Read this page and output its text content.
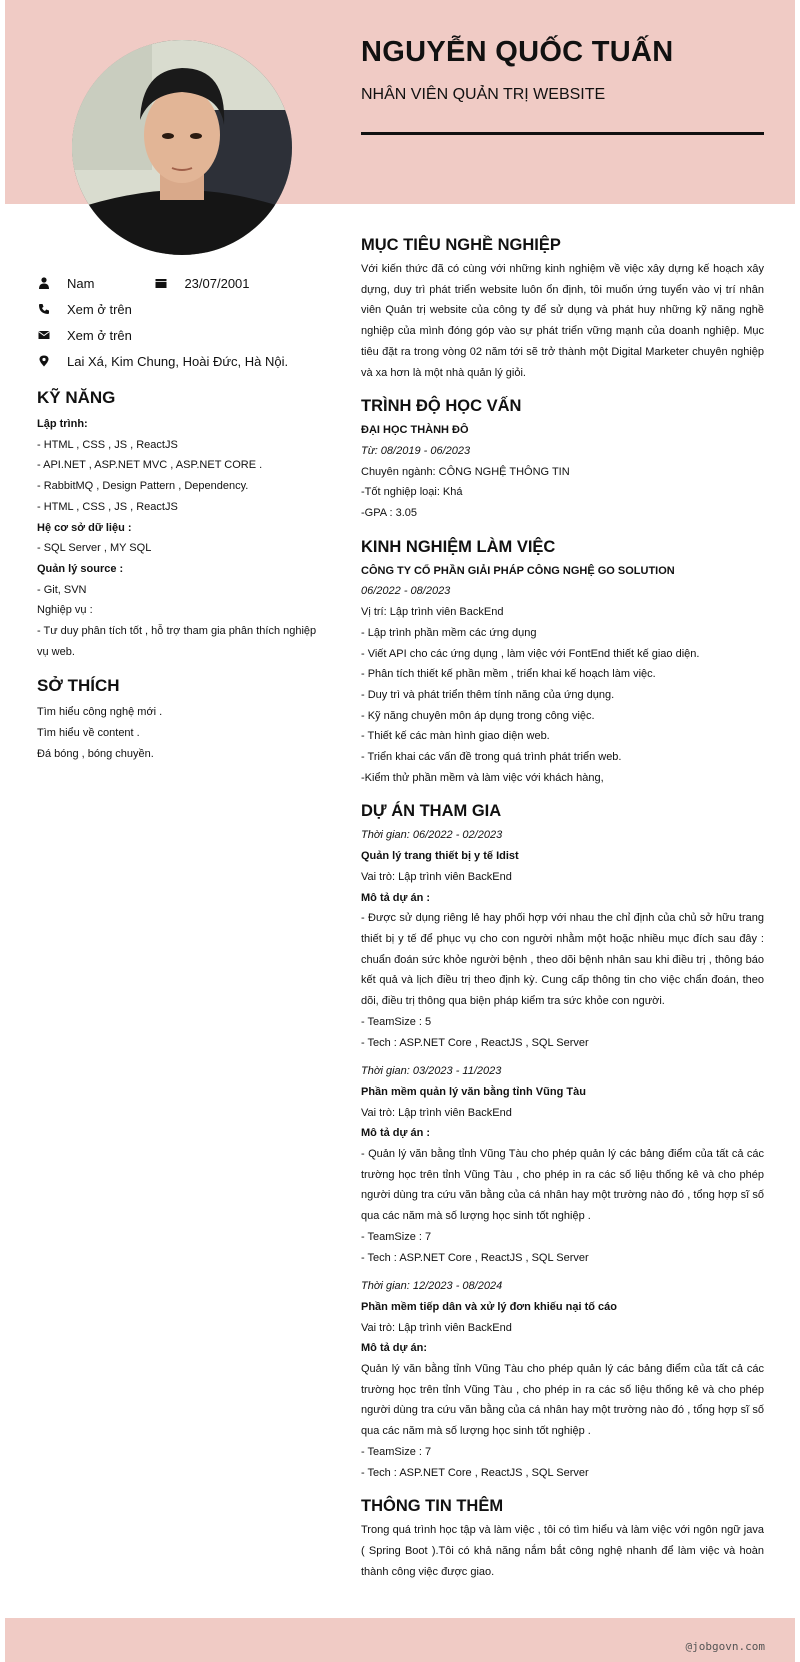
NGUYỄN QUỐC TUẤN
NHÂN VIÊN QUẢN TRỊ WEBSITE
Nam	23/07/2001
Xem ở trên
Xem ở trên
Lai Xá, Kim Chung, Hoài Đức, Hà Nội.
KỸ NĂNG
Lập trình:
- HTML , CSS , JS , ReactJS
- API.NET , ASP.NET MVC , ASP.NET CORE .
- RabbitMQ , Design Pattern , Dependency.
- HTML , CSS , JS , ReactJS
Hệ cơ sở dữ liệu :
- SQL Server , MY SQL
Quản lý source :
- Git, SVN
Nghiệp vụ :
- Tư duy phân tích tốt , hỗ trợ tham gia phân thích nghiệp vụ web.
SỞ THÍCH
Tìm hiểu công nghệ mới .
Tìm hiểu về content .
Đá bóng , bóng chuyền.
MỤC TIÊU NGHỀ NGHIỆP
Với kiến thức đã có cùng với những kinh nghiệm về việc xây dựng kế hoạch xây dựng, duy trì phát triển website luôn ổn định, tôi muốn ứng tuyển vào vị trí nhân viên Quản trị website của công ty để sử dụng và phát huy những kỹ năng nghề nghiệp của mình đóng góp vào sự phát triển vững mạnh của doanh nghiệp. Mục tiêu đặt ra trong vòng 02 năm tới sẽ trở thành một Digital Marketer chuyên nghiệp và xa hơn là một nhà quản lý giỏi.
TRÌNH ĐỘ HỌC VẤN
ĐẠI HỌC THÀNH ĐÔ
Từ: 08/2019 - 06/2023
Chuyên ngành: CÔNG NGHỆ THÔNG TIN
-Tốt nghiệp loại: Khá
-GPA : 3.05
KINH NGHIỆM LÀM VIỆC
CÔNG TY CỔ PHẦN GIẢI PHÁP CÔNG NGHỆ GO SOLUTION
06/2022 - 08/2023
Vị trí: Lập trình viên BackEnd
- Lập trình phần mềm các ứng dụng
- Viết API cho các ứng dụng , làm việc với FontEnd thiết kế giao diện.
- Phân tích thiết kế phần mềm , triển khai kế hoạch làm việc.
- Duy trì và phát triển thêm tính năng của ứng dụng.
- Kỹ năng chuyên môn áp dụng trong công việc.
- Thiết kế các màn hình giao diện web.
- Triển khai các vấn đề trong quá trình phát triển web.
-Kiểm thử phần mềm và làm việc với khách hàng,
DỰ ÁN THAM GIA
Thời gian: 06/2022 - 02/2023
Quản lý trang thiết bị y tế Idist
Vai trò: Lập trình viên BackEnd
Mô tả dự án :
- Được sử dụng riêng lẻ hay phối hợp với nhau the chỉ định của chủ sở hữu trang thiết bị y tế để phục vụ cho con người nhằm một hoặc nhiều mục đích sau đây : chuẩn đoán sức khỏe người bệnh , theo dõi bệnh nhân sau khi điều trị , thông báo kết quả và lịch điều trị theo định kỳ. Cung cấp thông tin cho việc chẩn đoán, theo dõi, điều trị thông qua biện pháp kiểm tra sức khỏe con người.
- TeamSize : 5
- Tech : ASP.NET Core , ReactJS , SQL Server
Thời gian: 03/2023 - 11/2023
Phần mềm quản lý văn bằng tỉnh Vũng Tàu
Vai trò: Lập trình viên BackEnd
Mô tả dự án :
- Quản lý văn bằng tỉnh Vũng Tàu cho phép quản lý các bảng điểm của tất cả các trường học trên tỉnh Vũng Tàu , cho phép in ra các số liệu thống kê và cho phép người dùng tra cứu văn bằng của cá nhân hay một trường nào đó , tổng hợp sĩ số qua các năm mà số lượng học sinh tốt nghiệp .
- TeamSize : 7
- Tech : ASP.NET Core , ReactJS , SQL Server
Thời gian: 12/2023 - 08/2024
Phần mềm tiếp dân và xử lý đơn khiếu nại tố cáo
Vai trò: Lập trình viên BackEnd
Mô tả dự án:
Quản lý văn bằng tỉnh Vũng Tàu cho phép quản lý các bảng điểm của tất cả các trường học trên tỉnh Vũng Tàu , cho phép in ra các số liệu thống kê và cho phép người dùng tra cứu văn bằng của cá nhân hay một trường nào đó , tổng hợp sĩ số qua các năm mà số lượng học sinh tốt nghiệp .
- TeamSize : 7
- Tech : ASP.NET Core , ReactJS , SQL Server
THÔNG TIN THÊM
Trong quá trình học tập và làm việc , tôi có tìm hiểu và làm việc với ngôn ngữ java ( Spring Boot ).Tôi có khả năng nắm bắt công nghệ nhanh để làm việc và hoàn thành công việc được giao.
@jobgovn.com
